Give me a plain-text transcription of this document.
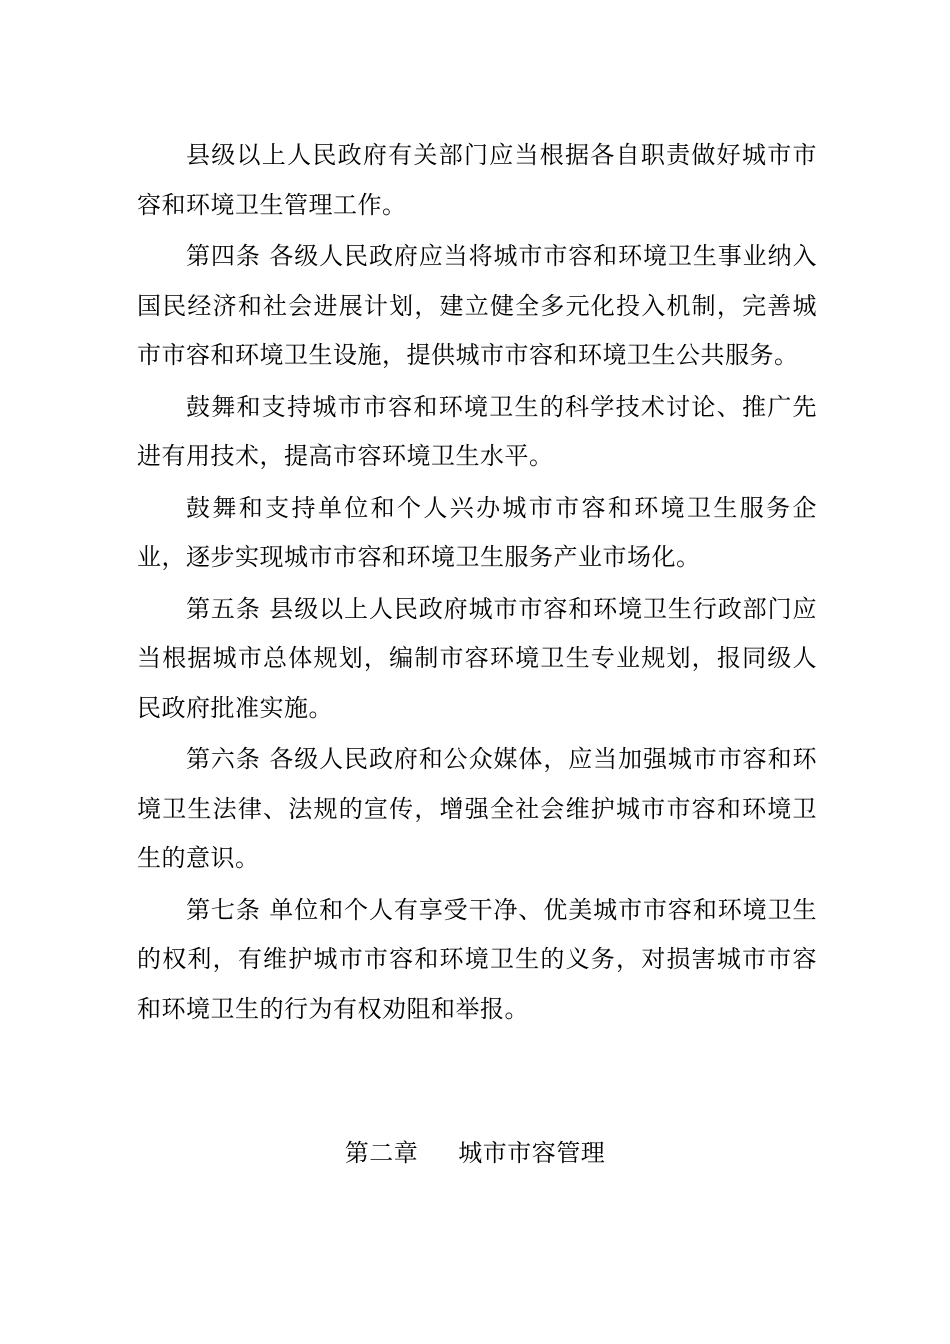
县级以上人民政府有关部门应当根据各自职责做好城市市容和环境卫生管理工作。

第四条 各级人民政府应当将城市市容和环境卫生事业纳入国民经济和社会进展计划，建立健全多元化投入机制，完善城市市容和环境卫生设施，提供城市市容和环境卫生公共服务。

鼓舞和支持城市市容和环境卫生的科学技术讨论、推广先进有用技术，提高市容环境卫生水平。

鼓舞和支持单位和个人兴办城市市容和环境卫生服务企业，逐步实现城市市容和环境卫生服务产业市场化。

第五条 县级以上人民政府城市市容和环境卫生行政部门应当根据城市总体规划，编制市容环境卫生专业规划，报同级人民政府批准实施。

第六条 各级人民政府和公众媒体，应当加强城市市容和环境卫生法律、法规的宣传，增强全社会维护城市市容和环境卫生的意识。

第七条 单位和个人有享受干净、优美城市市容和环境卫生的权利，有维护城市市容和环境卫生的义务，对损害城市市容和环境卫生的行为有权劝阻和举报。

第二章 城市市容管理
